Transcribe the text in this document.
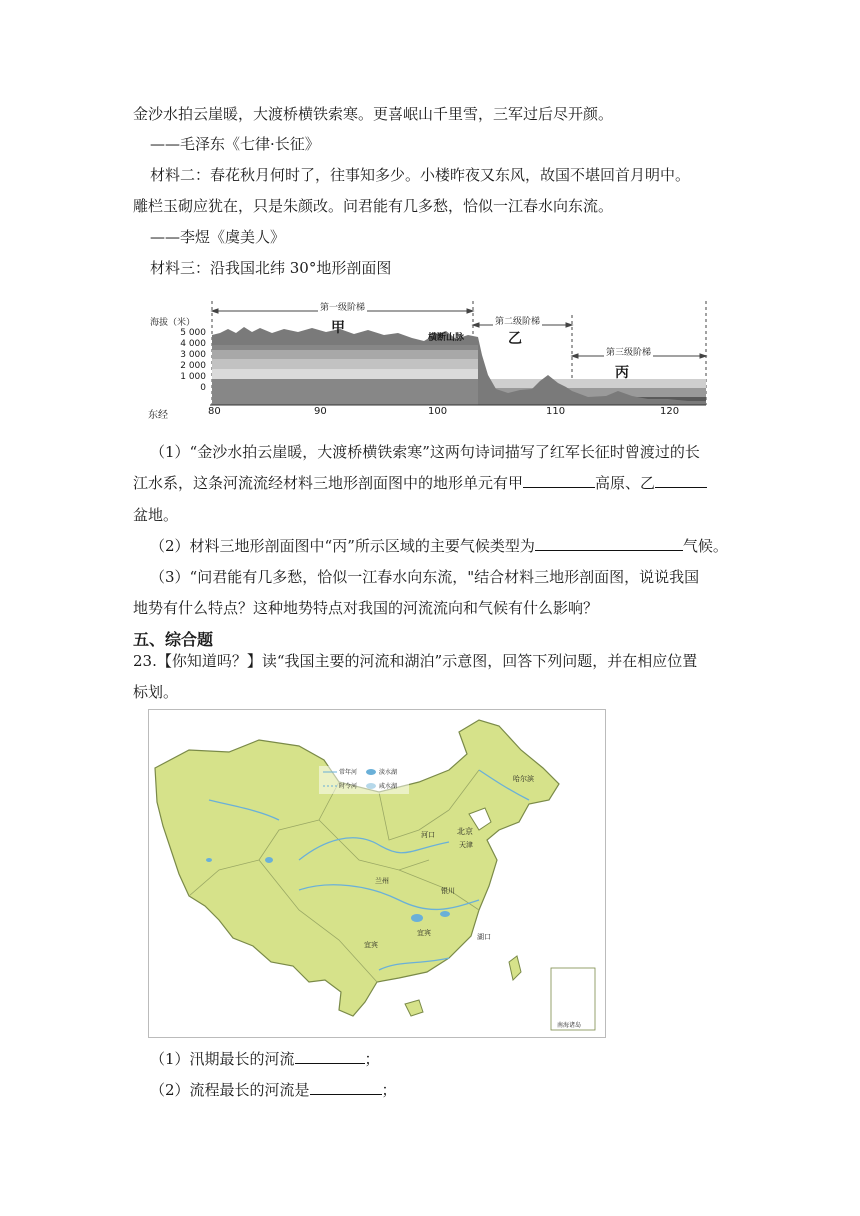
金沙水拍云崖暖，大渡桥横铁索寒。更喜岷山千里雪，三军过后尽开颜。
——毛泽东《七律·长征》
材料二：春花秋月何时了，往事知多少。小楼昨夜又东风，故国不堪回首月明中。
雕栏玉砌应犹在，只是朱颜改。问君能有几多愁，恰似一江春水向东流。
——李煜《虞美人》
材料三：沿我国北纬 30°地形剖面图
海拔（米）
5 000
4 000
3 000
2 000
1 000
0
东经	80	90	100	110	120
第一级阶梯
第二级阶梯
第三级阶梯
甲
乙
丙
横断山脉
（1）“金沙水拍云崖暖，大渡桥横铁索寒”这两句诗词描写了红军长征时曾渡过的长
江水系，这条河流流经材料三地形剖面图中的地形单元有甲	高原、乙
盆地。
（2）材料三地形剖面图中“丙”所示区域的主要气候类型为	气候。
（3）“问君能有几多愁，恰似一江春水向东流，"结合材料三地形剖面图，说说我国
地势有什么特点？这种地势特点对我国的河流流向和气候有什么影响？
五、综合题
23.【你知道吗？】读“我国主要的河流和湖泊”示意图，回答下列问题，并在相应位置
标划。
常年河
时令河
淡水湖
咸水湖
北京
天津
河口
兰州
银川
宜宾	湖口
宜宾
哈尔滨
南海诸岛
（1）汛期最长的河流	；
（2）流程最长的河流是	；
